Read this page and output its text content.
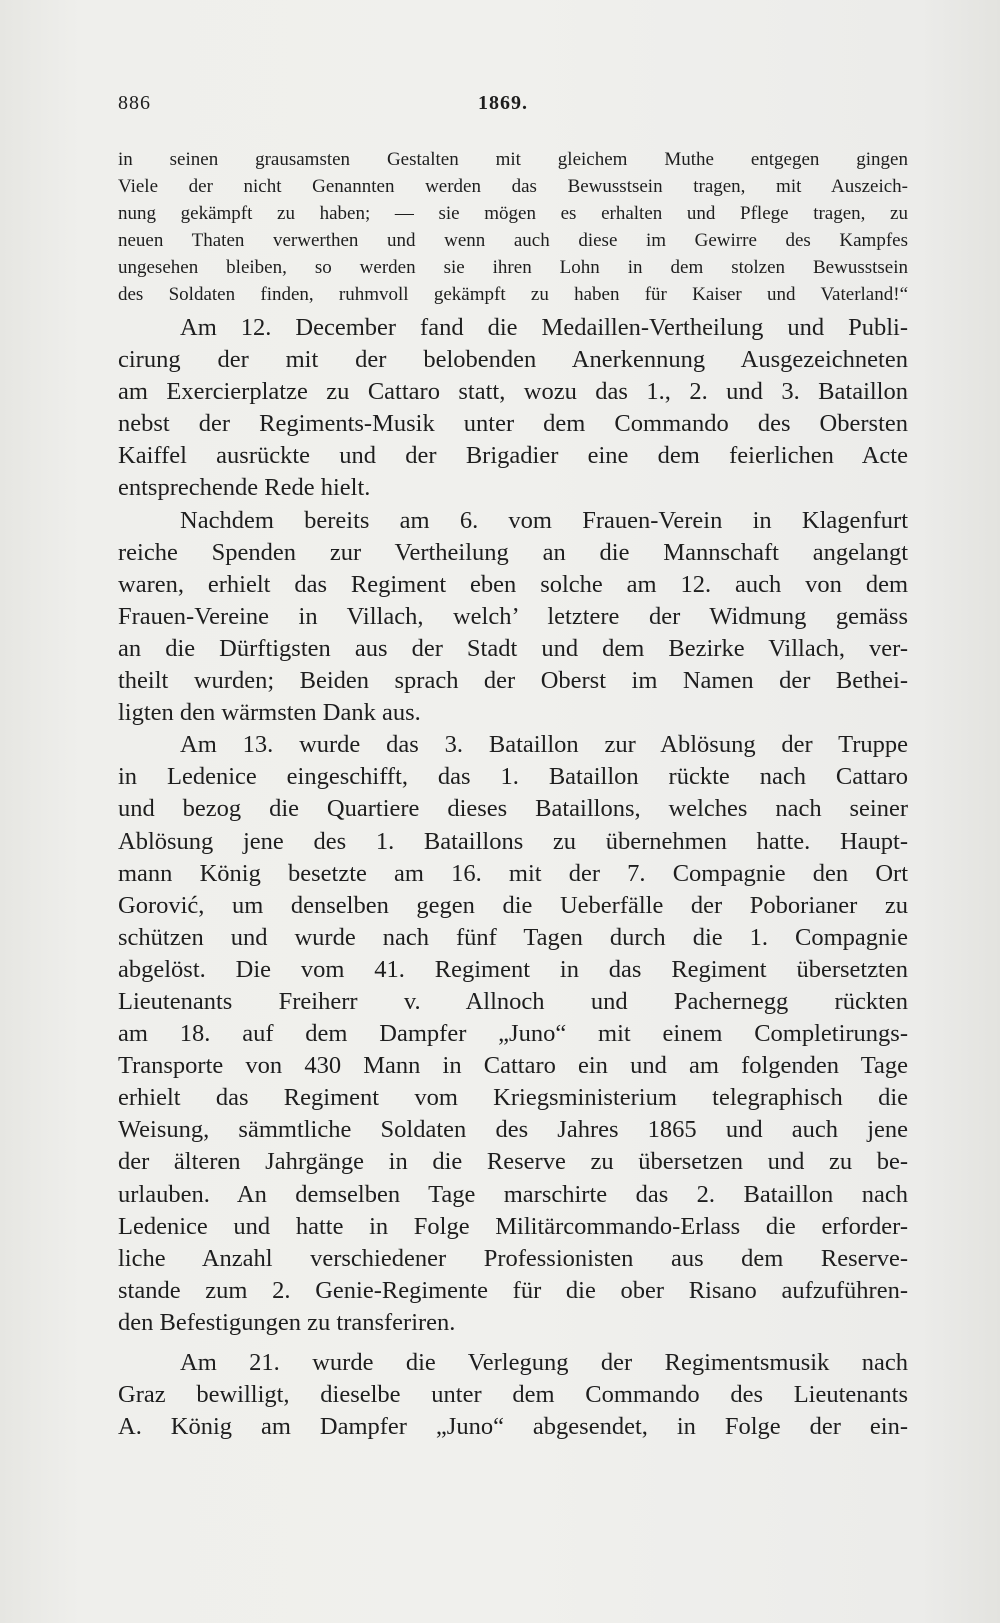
886	1869.
in seinen grausamsten Gestalten mit gleichem Muthe entgegen gingen
Viele der nicht Genannten werden das Bewusstsein tragen, mit Auszeich-
nung gekämpft zu haben; — sie mögen es erhalten und Pflege tragen, zu
neuen Thaten verwerthen und wenn auch diese im Gewirre des Kampfes
ungesehen bleiben, so werden sie ihren Lohn in dem stolzen Bewusstsein
des Soldaten finden, ruhmvoll gekämpft zu haben für Kaiser und Vaterland!“
Am 12. December fand die Medaillen-Vertheilung und Publi-
cirung der mit der belobenden Anerkennung Ausgezeichneten
am Exercierplatze zu Cattaro statt, wozu das 1., 2. und 3. Bataillon
nebst der Regiments-Musik unter dem Commando des Obersten
Kaiffel ausrückte und der Brigadier eine dem feierlichen Acte
entsprechende Rede hielt.
Nachdem bereits am 6. vom Frauen-Verein in Klagenfurt
reiche Spenden zur Vertheilung an die Mannschaft angelangt
waren, erhielt das Regiment eben solche am 12. auch von dem
Frauen-Vereine in Villach, welch’ letztere der Widmung gemäss
an die Dürftigsten aus der Stadt und dem Bezirke Villach, ver-
theilt wurden; Beiden sprach der Oberst im Namen der Bethei-
ligten den wärmsten Dank aus.
Am 13. wurde das 3. Bataillon zur Ablösung der Truppe
in Ledenice eingeschifft, das 1. Bataillon rückte nach Cattaro
und bezog die Quartiere dieses Bataillons, welches nach seiner
Ablösung jene des 1. Bataillons zu übernehmen hatte. Haupt-
mann König besetzte am 16. mit der 7. Compagnie den Ort
Gorović, um denselben gegen die Ueberfälle der Poborianer zu
schützen und wurde nach fünf Tagen durch die 1. Compagnie
abgelöst. Die vom 41. Regiment in das Regiment übersetzten
Lieutenants Freiherr v. Allnoch und Pachernegg rückten
am 18. auf dem Dampfer „Juno“ mit einem Completirungs-
Transporte von 430 Mann in Cattaro ein und am folgenden Tage
erhielt das Regiment vom Kriegsministerium telegraphisch die
Weisung, sämmtliche Soldaten des Jahres 1865 und auch jene
der älteren Jahrgänge in die Reserve zu übersetzen und zu be-
urlauben. An demselben Tage marschirte das 2. Bataillon nach
Ledenice und hatte in Folge Militärcommando-Erlass die erforder-
liche Anzahl verschiedener Professionisten aus dem Reserve-
stande zum 2. Genie-Regimente für die ober Risano aufzuführen-
den Befestigungen zu transferiren.
Am 21. wurde die Verlegung der Regimentsmusik nach
Graz bewilligt, dieselbe unter dem Commando des Lieutenants
A. König am Dampfer „Juno“ abgesendet, in Folge der ein-
